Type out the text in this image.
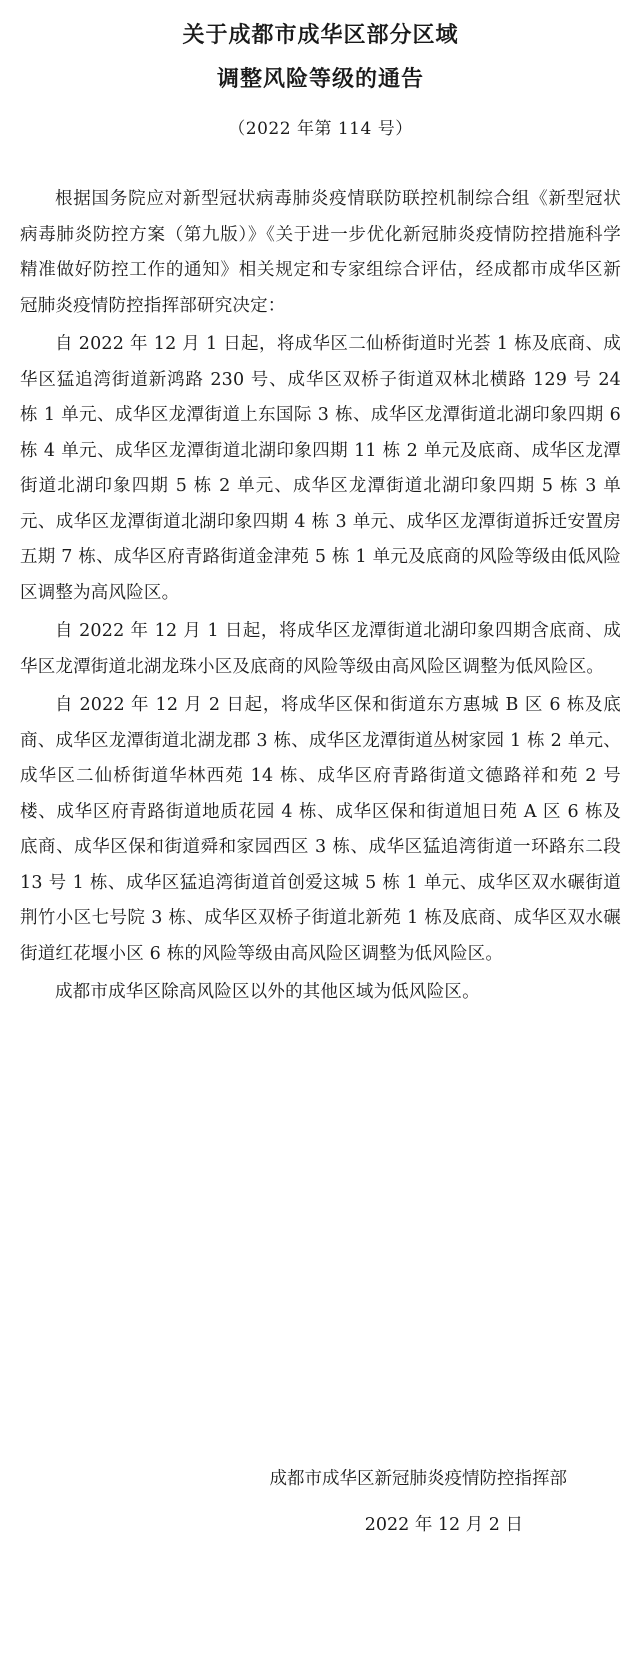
关于成都市成华区部分区域
调整风险等级的通告
（2022 年第 114 号）

根据国务院应对新型冠状病毒肺炎疫情联防联控机制综合组《新型冠状病毒肺炎防控方案（第九版）》《关于进一步优化新冠肺炎疫情防控措施科学精准做好防控工作的通知》相关规定和专家组综合评估，经成都市成华区新冠肺炎疫情防控指挥部研究决定：

自 2022 年 12 月 1 日起，将成华区二仙桥街道时光荟 1 栋及底商、成华区猛追湾街道新鸿路 230 号、成华区双桥子街道双林北横路 129 号 24 栋 1 单元、成华区龙潭街道上东国际 3 栋、成华区龙潭街道北湖印象四期 6 栋 4 单元、成华区龙潭街道北湖印象四期 11 栋 2 单元及底商、成华区龙潭街道北湖印象四期 5 栋 2 单元、成华区龙潭街道北湖印象四期 5 栋 3 单元、成华区龙潭街道北湖印象四期 4 栋 3 单元、成华区龙潭街道拆迁安置房五期 7 栋、成华区府青路街道金津苑 5 栋 1 单元及底商的风险等级由低风险区调整为高风险区。

自 2022 年 12 月 1 日起，将成华区龙潭街道北湖印象四期含底商、成华区龙潭街道北湖龙珠小区及底商的风险等级由高风险区调整为低风险区。

自 2022 年 12 月 2 日起，将成华区保和街道东方惠城 B 区 6 栋及底商、成华区龙潭街道北湖龙郡 3 栋、成华区龙潭街道丛树家园 1 栋 2 单元、成华区二仙桥街道华林西苑 14 栋、成华区府青路街道文德路祥和苑 2 号楼、成华区府青路街道地质花园 4 栋、成华区保和街道旭日苑 A 区 6 栋及底商、成华区保和街道舜和家园西区 3 栋、成华区猛追湾街道一环路东二段 13 号 1 栋、成华区猛追湾街道首创爱这城 5 栋 1 单元、成华区双水碾街道荆竹小区七号院 3 栋、成华区双桥子街道北新苑 1 栋及底商、成华区双水碾街道红花堰小区 6 栋的风险等级由高风险区调整为低风险区。

成都市成华区除高风险区以外的其他区域为低风险区。

成都市成华区新冠肺炎疫情防控指挥部
2022 年 12 月 2 日
